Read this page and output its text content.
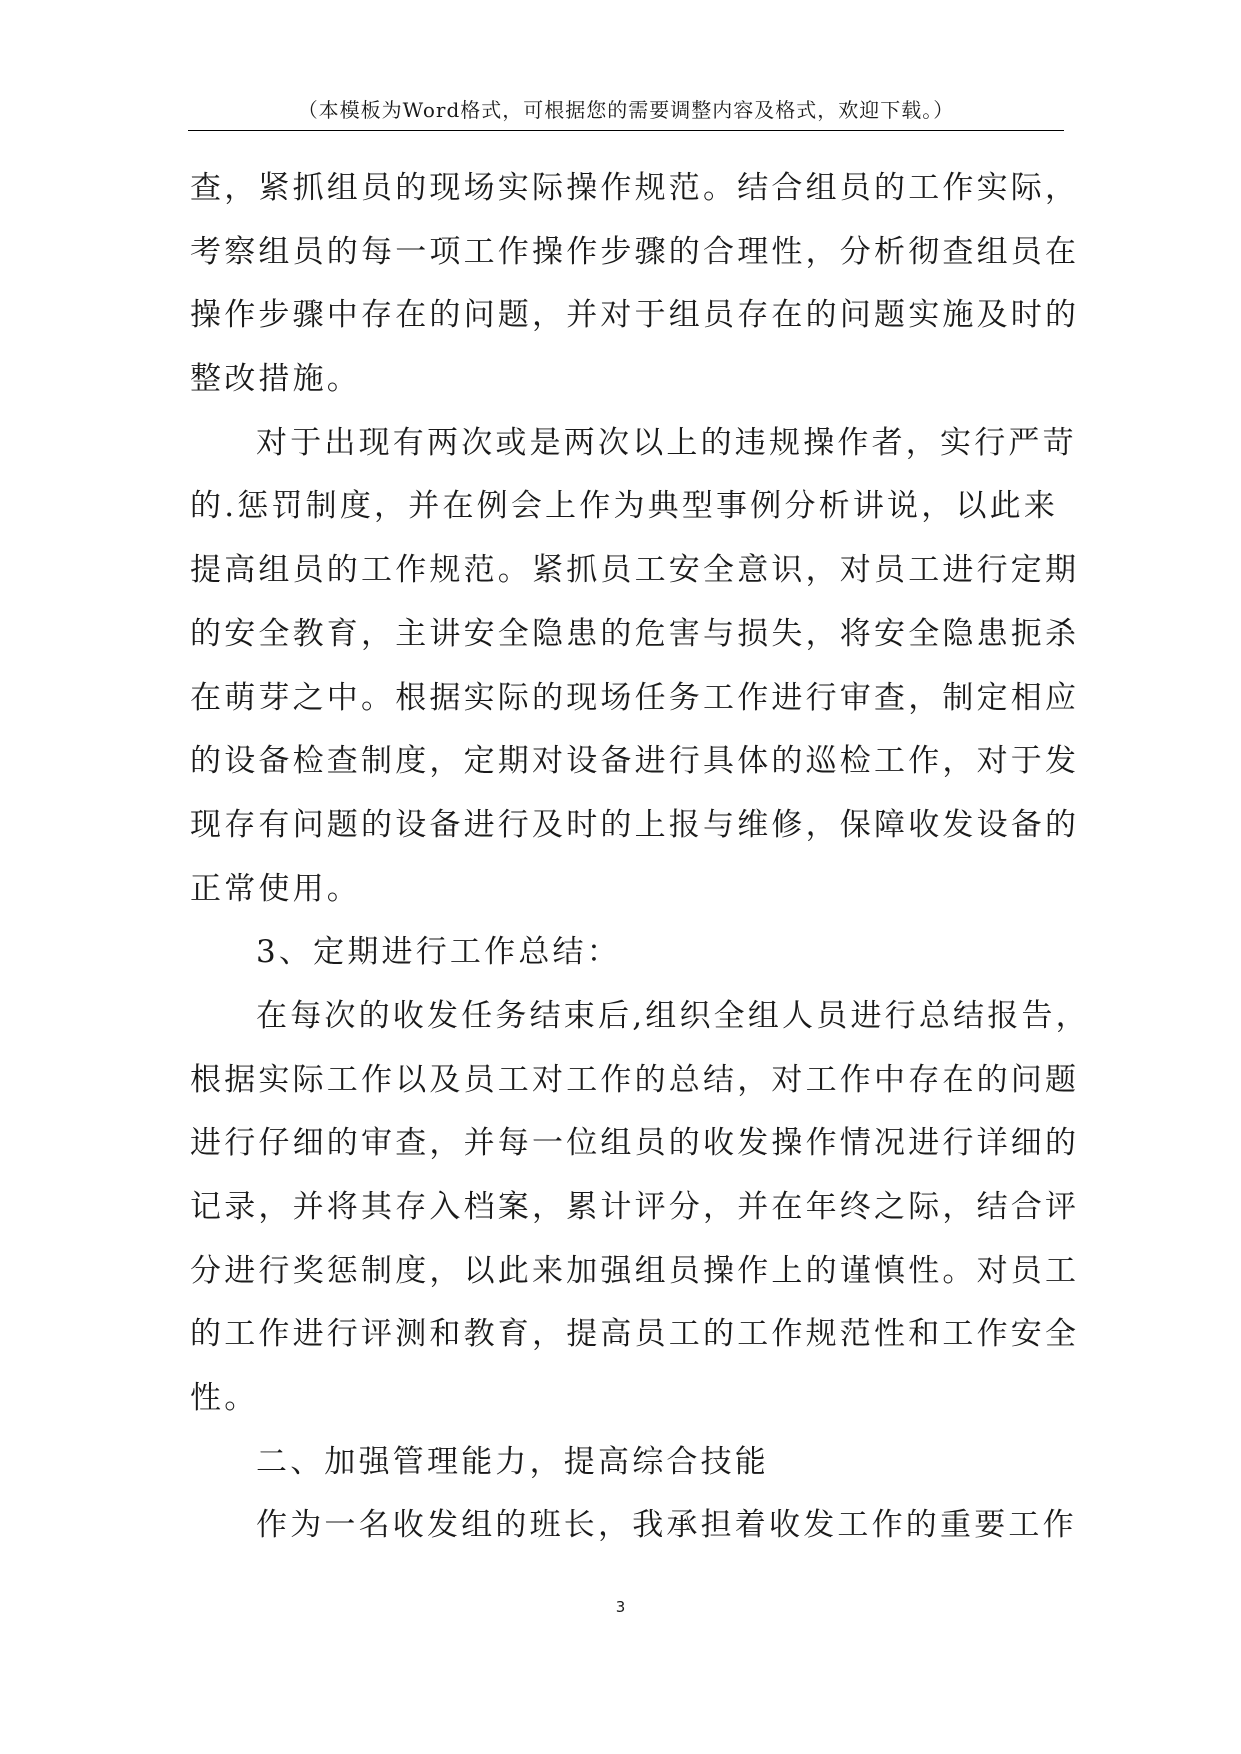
（本模板为Word格式，可根据您的需要调整内容及格式，欢迎下载。）
查，紧抓组员的现场实际操作规范。结合组员的工作实际，
考察组员的每一项工作操作步骤的合理性，分析彻查组员在
操作步骤中存在的问题，并对于组员存在的问题实施及时的
整改措施。
对于出现有两次或是两次以上的违规操作者，实行严苛
的.惩罚制度，并在例会上作为典型事例分析讲说，以此来
提高组员的工作规范。紧抓员工安全意识，对员工进行定期
的安全教育，主讲安全隐患的危害与损失，将安全隐患扼杀
在萌芽之中。根据实际的现场任务工作进行审查，制定相应
的设备检查制度，定期对设备进行具体的巡检工作，对于发
现存有问题的设备进行及时的上报与维修，保障收发设备的
正常使用。
3、定期进行工作总结：
在每次的收发任务结束后,组织全组人员进行总结报告，
根据实际工作以及员工对工作的总结，对工作中存在的问题
进行仔细的审查，并每一位组员的收发操作情况进行详细的
记录，并将其存入档案，累计评分，并在年终之际，结合评
分进行奖惩制度，以此来加强组员操作上的谨慎性。对员工
的工作进行评测和教育，提高员工的工作规范性和工作安全
性。
二、加强管理能力，提高综合技能
作为一名收发组的班长，我承担着收发工作的重要工作
3
